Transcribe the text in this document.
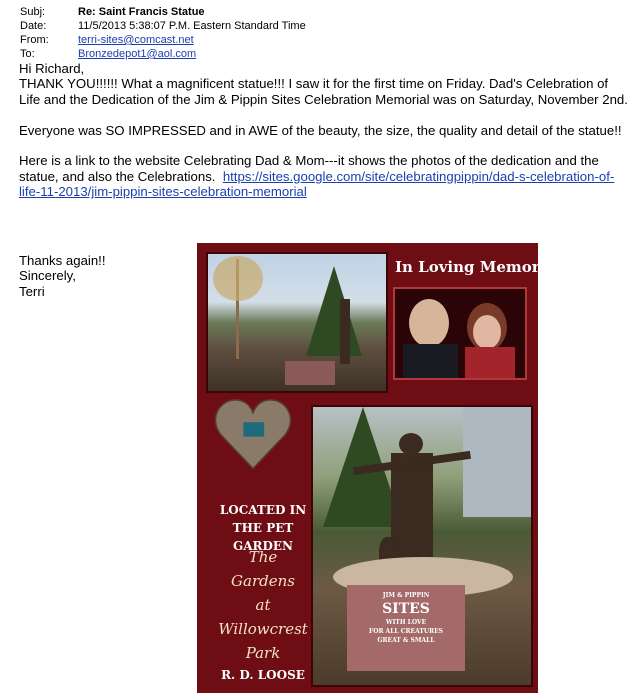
Subj:	Re: Saint Francis Statue
Date:	11/5/2013 5:38:07 P.M. Eastern Standard Time
From:	terri-sites@comcast.net
To:	Bronzedepot1@aol.com

Hi Richard,

THANK YOU!!!!!! What a magnificent statue!!! I saw it for the first time on Friday. Dad's Celebration of Life and the Dedication of the Jim & Pippin Sites Celebration Memorial was on Saturday, November 2nd.

Everyone was SO IMPRESSED and in AWE of the beauty, the size, the quality and detail of the statue!!

Here is a link to the website Celebrating Dad & Mom---it shows the photos of the dedication and the statue, and also the Celebrations. https://sites.google.com/site/celebratingpippin/dad-s-celebration-of-life-11-2013/jim-pippin-sites-celebration-memorial

Thanks again!!
Sincerely,
Terri
In Loving Memory
LOCATED IN
THE PET GARDEN
The
Gardens
at
Willowcrest
Park
R. D. LOOSE
JIM & PIPPIN
SITES
WITH LOVE
FOR ALL CREATURES
GREAT & SMALL
